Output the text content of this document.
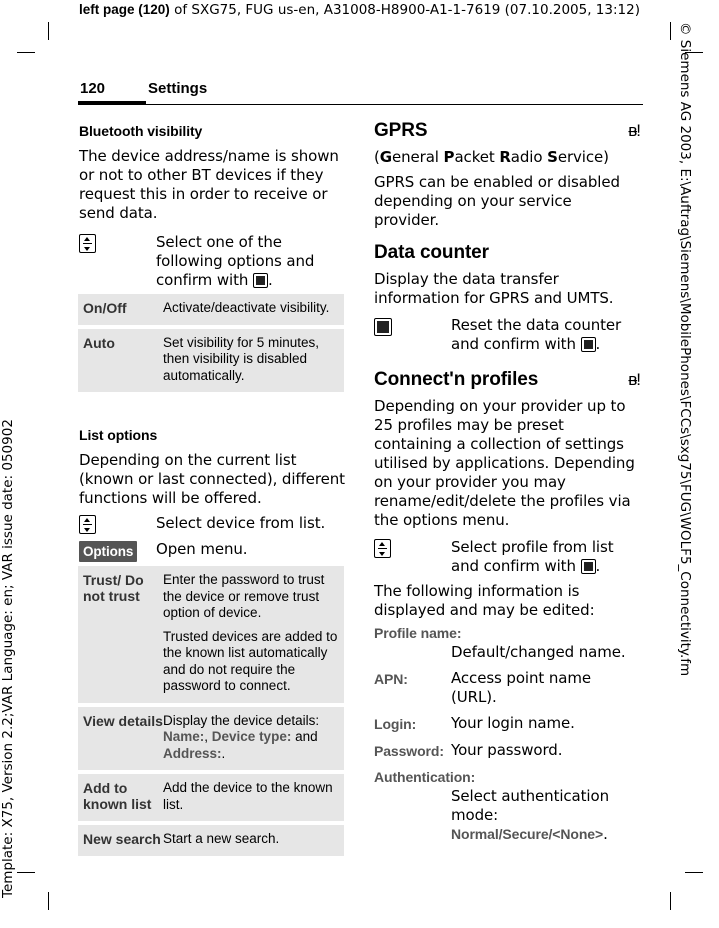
left page (120) of SXG75, FUG us-en, A31008-H8900-A1-1-7619 (07.10.2005, 13:12)
Template: X75, Version 2.2;VAR Language: en; VAR issue date: 050902	© Siemens AG 2003, E:\Auftrag\Siemens\MobilePhones\FCCs\sxg75\FUG\WOLF5_Connectivity.fm
120	Settings
Bluetooth visibility

The device address/name is shown or not to other BT devices if they request this in order to receive or send data.

Select one of the following options and confirm with .
On/Off	Activate/deactivate visibility.
Auto	Set visibility for 5 minutes, then visibility is disabled automatically.
List options

Depending on the current list (known or last connected), different functions will be offered.

Select device from list.
Options	Open menu.
Trust/ Do not trust
Enter the password to trust the device or remove trust option of device.
Trusted devices are added to the known list automatically and do not require the password to connect.
View details Display the device details:
Name:, Device type: and
Address:.
Add to known list
Add the device to the known list.
New search Start a new search.
GPRS	ᴃ!

(General Packet Radio Service)

GPRS can be enabled or disabled depending on your service provider.

Data counter

Display the data transfer information for GPRS and UMTS.

Reset the data counter and confirm with .
Connect'n profiles	ᴃ!

Depending on your provider up to 25 profiles may be preset containing a collection of settings utilised by applications. Depending on your provider you may rename/edit/delete the profiles via the options menu.

Select profile from list and confirm with .

The following information is displayed and may be edited:

Profile name:
Default/changed name.
APN:	Access point name (URL).
Login:	Your login name.
Password: Your password.
Authentication:
Select authentication mode: Normal/Secure/<None>.
